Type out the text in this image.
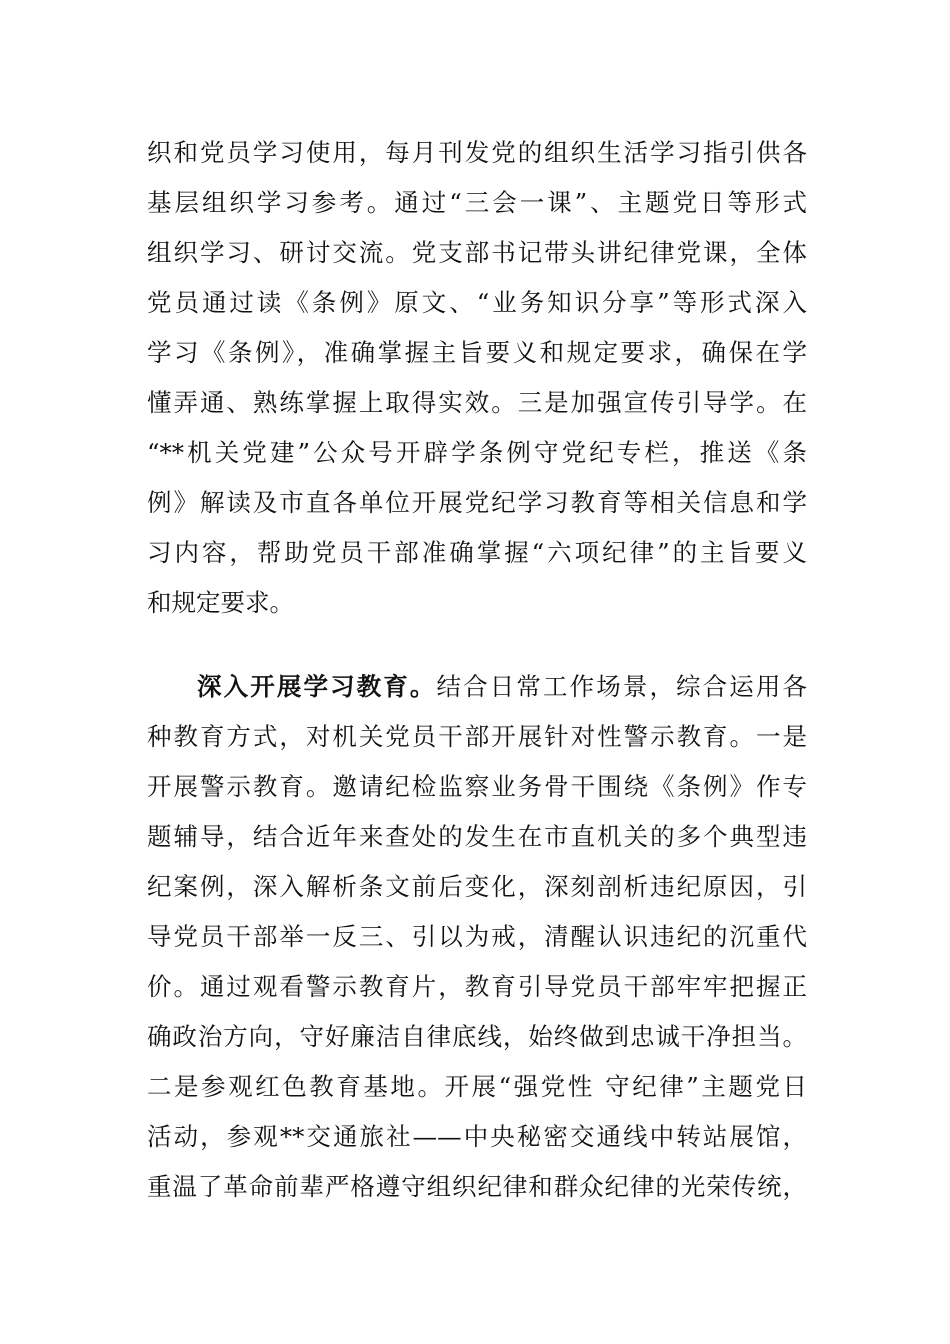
织和党员学习使用，每月刊发党的组织生活学习指引供各
基层组织学习参考。通过“三会一课”、主题党日等形式
组织学习、研讨交流。党支部书记带头讲纪律党课，全体
党员通过读《条例》原文、“业务知识分享”等形式深入
学习《条例》，准确掌握主旨要义和规定要求，确保在学
懂弄通、熟练掌握上取得实效。三是加强宣传引导学。在
“**机关党建”公众号开辟学条例守党纪专栏，推送《条
例》解读及市直各单位开展党纪学习教育等相关信息和学
习内容，帮助党员干部准确掌握“六项纪律”的主旨要义
和规定要求。
深入开展学习教育。结合日常工作场景，综合运用各
种教育方式，对机关党员干部开展针对性警示教育。一是
开展警示教育。邀请纪检监察业务骨干围绕《条例》作专
题辅导，结合近年来查处的发生在市直机关的多个典型违
纪案例，深入解析条文前后变化，深刻剖析违纪原因，引
导党员干部举一反三、引以为戒，清醒认识违纪的沉重代
价。通过观看警示教育片，教育引导党员干部牢牢把握正
确政治方向，守好廉洁自律底线，始终做到忠诚干净担当。
二是参观红色教育基地。开展“强党性 守纪律”主题党日
活动，参观**交通旅社——中央秘密交通线中转站展馆，
重温了革命前辈严格遵守组织纪律和群众纪律的光荣传统，
